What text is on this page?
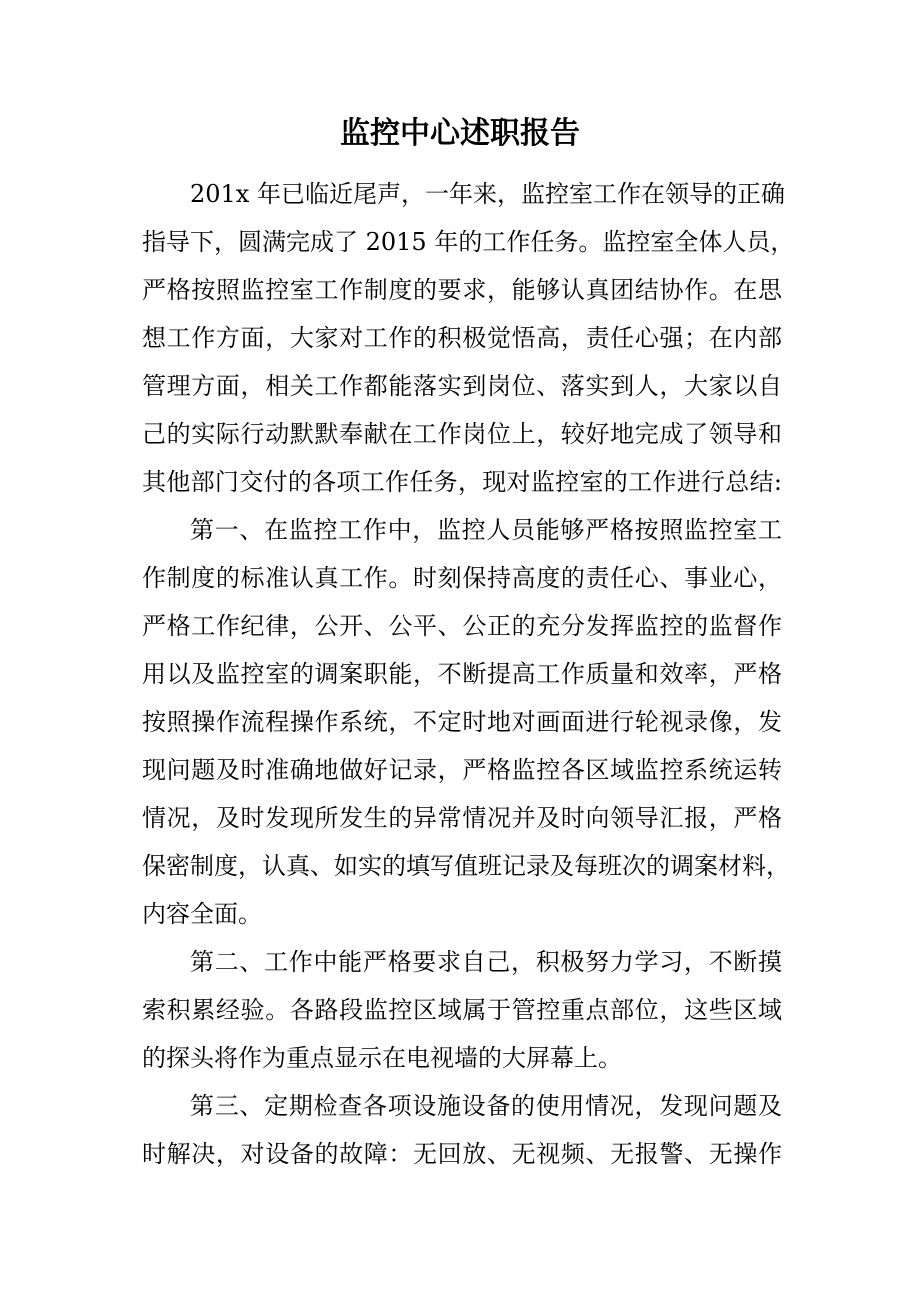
监控中心述职报告
201x 年已临近尾声，一年来，监控室工作在领导的正确
指导下，圆满完成了 2015 年的工作任务。监控室全体人员，
严格按照监控室工作制度的要求，能够认真团结协作。在思
想工作方面，大家对工作的积极觉悟高，责任心强；在内部
管理方面，相关工作都能落实到岗位、落实到人，大家以自
己的实际行动默默奉献在工作岗位上，较好地完成了领导和
其他部门交付的各项工作任务，现对监控室的工作进行总结:
第一、在监控工作中，监控人员能够严格按照监控室工
作制度的标准认真工作。时刻保持高度的责任心、事业心，
严格工作纪律，公开、公平、公正的充分发挥监控的监督作
用以及监控室的调案职能，不断提高工作质量和效率，严格
按照操作流程操作系统，不定时地对画面进行轮视录像，发
现问题及时准确地做好记录，严格监控各区域监控系统运转
情况，及时发现所发生的异常情况并及时向领导汇报，严格
保密制度，认真、如实的填写值班记录及每班次的调案材料，
内容全面。
第二、工作中能严格要求自己，积极努力学习，不断摸
索积累经验。各路段监控区域属于管控重点部位，这些区域
的探头将作为重点显示在电视墙的大屏幕上。
第三、定期检查各项设施设备的使用情况，发现问题及
时解决，对设备的故障：无回放、无视频、无报警、无操作
